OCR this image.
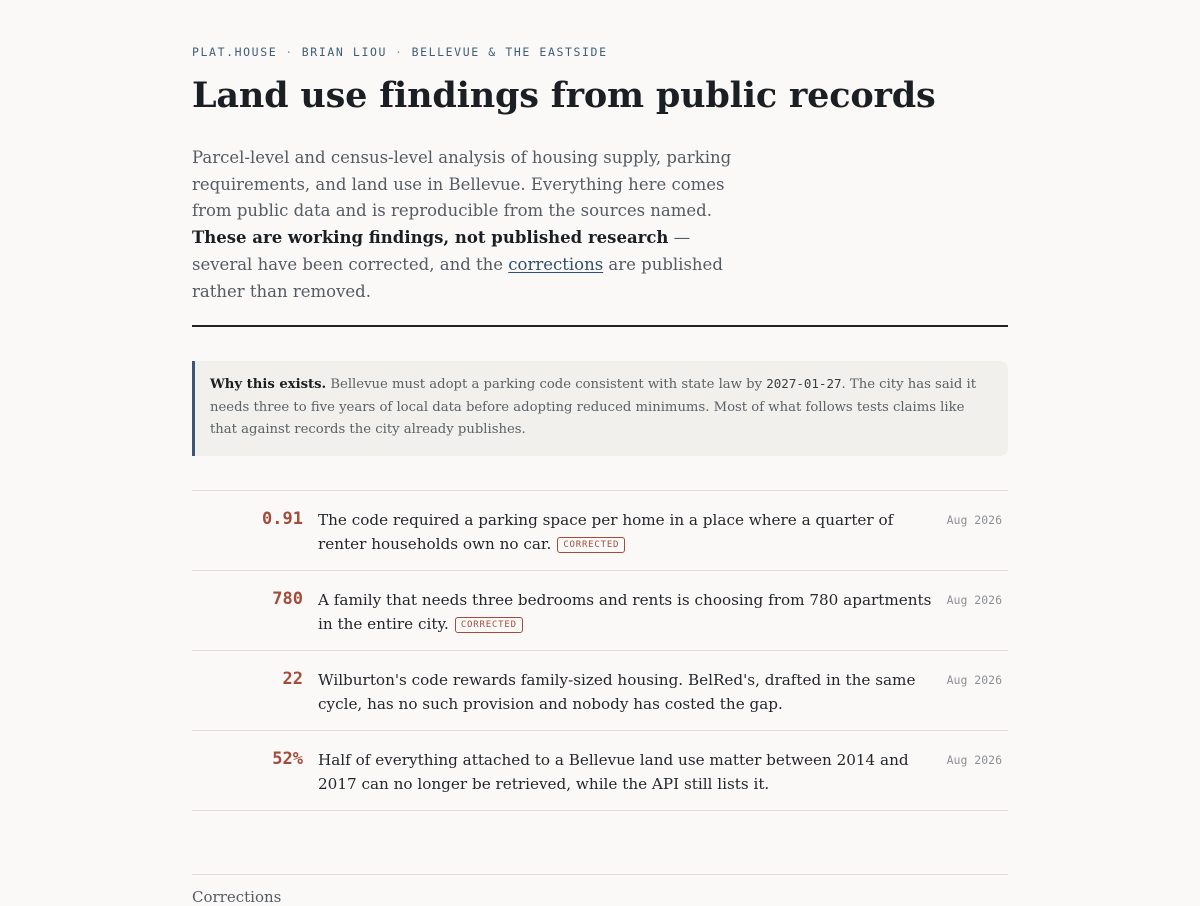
PLAT.HOUSE · BRIAN LIOU · BELLEVUE & THE EASTSIDE
Land use findings from public records

Parcel-level and census-level analysis of housing supply, parking requirements, and land use in Bellevue. Everything here comes from public data and is reproducible from the sources named. These are working findings, not published research — several have been corrected, and the corrections are published rather than removed.

Why this exists. Bellevue must adopt a parking code consistent with state law by 2027-01-27. The city has said it needs three to five years of local data before adopting reduced minimums. Most of what follows tests claims like that against records the city already publishes.
0.91 The code required a parking space per home in a place where a quarter of renter households own no car. CORRECTED
Aug 2026
780 A family that needs three bedrooms and rents is choosing from 780 apartments in the entire city. CORRECTED
Aug 2026
22 Wilburton's code rewards family-sized housing. BelRed's, drafted in the same cycle, has no such provision and nobody has costed the gap.
Aug 2026
52% Half of everything attached to a Bellevue land use matter between 2014 and 2017 can no longer be retrieved, while the API still lists it.
Aug 2026
Corrections
